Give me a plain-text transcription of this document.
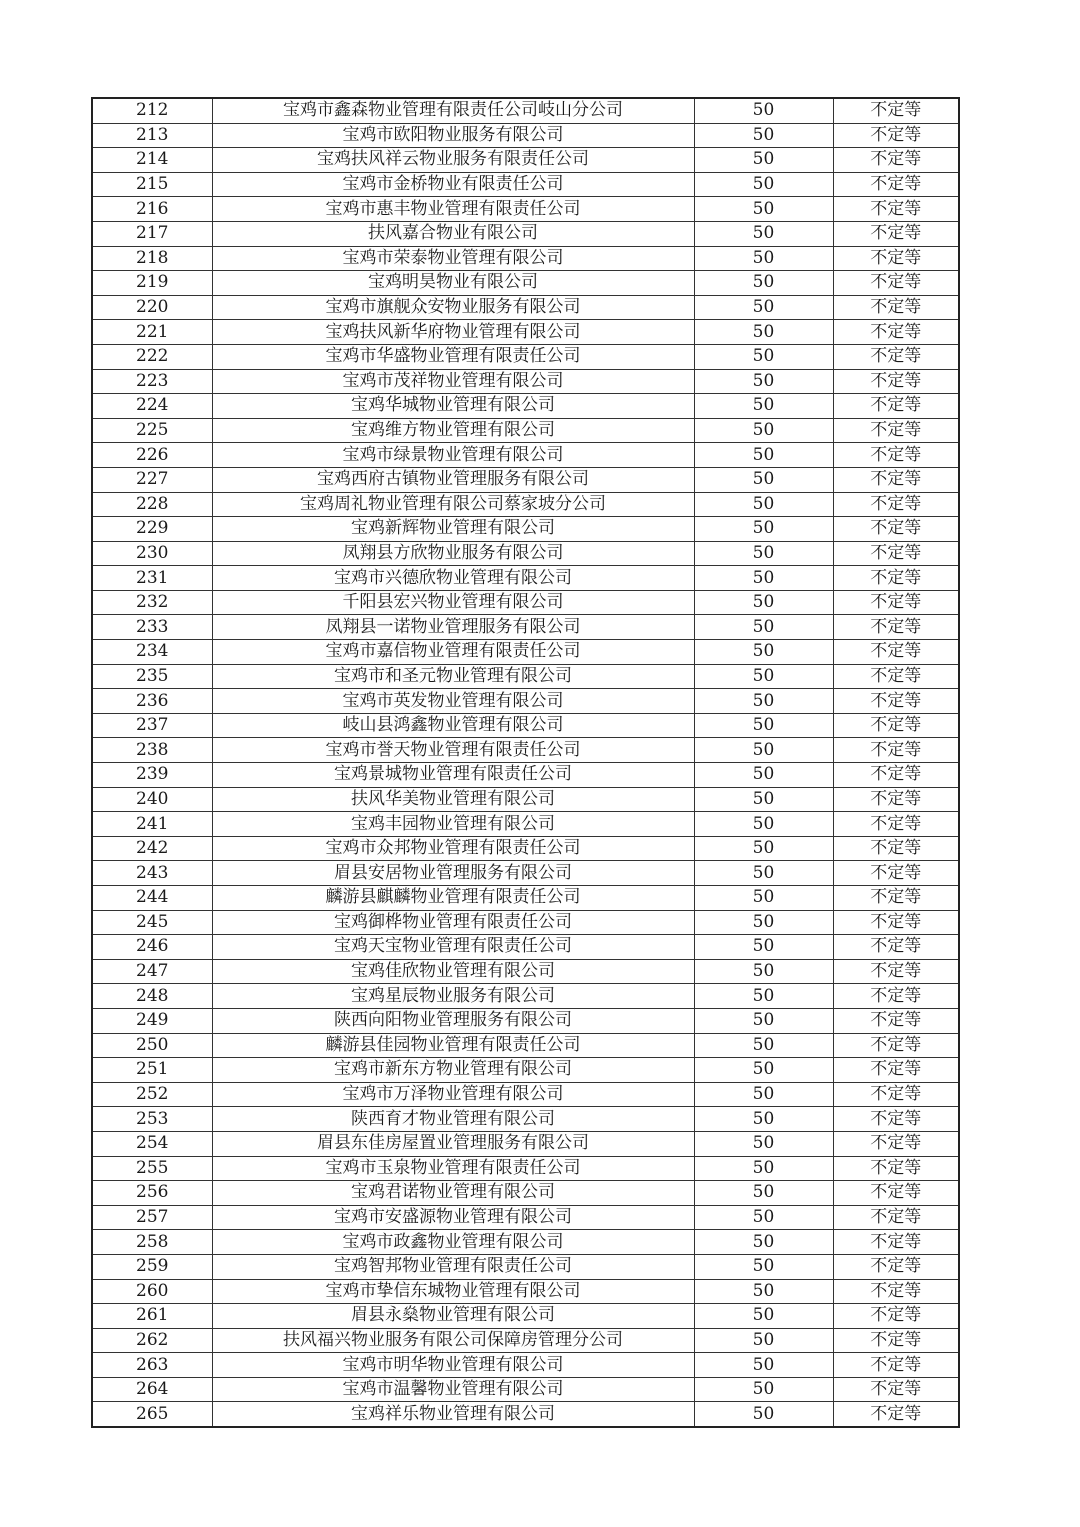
212	宝鸡市鑫森物业管理有限责任公司岐山分公司	50	不定等
213	宝鸡市欧阳物业服务有限公司	50	不定等
214	宝鸡扶风祥云物业服务有限责任公司	50	不定等
215	宝鸡市金桥物业有限责任公司	50	不定等
216	宝鸡市惠丰物业管理有限责任公司	50	不定等
217	扶风嘉合物业有限公司	50	不定等
218	宝鸡市荣泰物业管理有限公司	50	不定等
219	宝鸡明昊物业有限公司	50	不定等
220	宝鸡市旗舰众安物业服务有限公司	50	不定等
221	宝鸡扶风新华府物业管理有限公司	50	不定等
222	宝鸡市华盛物业管理有限责任公司	50	不定等
223	宝鸡市茂祥物业管理有限公司	50	不定等
224	宝鸡华城物业管理有限公司	50	不定等
225	宝鸡维方物业管理有限公司	50	不定等
226	宝鸡市绿景物业管理有限公司	50	不定等
227	宝鸡西府古镇物业管理服务有限公司	50	不定等
228	宝鸡周礼物业管理有限公司蔡家坡分公司	50	不定等
229	宝鸡新辉物业管理有限公司	50	不定等
230	凤翔县方欣物业服务有限公司	50	不定等
231	宝鸡市兴德欣物业管理有限公司	50	不定等
232	千阳县宏兴物业管理有限公司	50	不定等
233	凤翔县一诺物业管理服务有限公司	50	不定等
234	宝鸡市嘉信物业管理有限责任公司	50	不定等
235	宝鸡市和圣元物业管理有限公司	50	不定等
236	宝鸡市英发物业管理有限公司	50	不定等
237	岐山县鸿鑫物业管理有限公司	50	不定等
238	宝鸡市誉天物业管理有限责任公司	50	不定等
239	宝鸡景城物业管理有限责任公司	50	不定等
240	扶风华美物业管理有限公司	50	不定等
241	宝鸡丰园物业管理有限公司	50	不定等
242	宝鸡市众邦物业管理有限责任公司	50	不定等
243	眉县安居物业管理服务有限公司	50	不定等
244	麟游县麒麟物业管理有限责任公司	50	不定等
245	宝鸡御桦物业管理有限责任公司	50	不定等
246	宝鸡天宝物业管理有限责任公司	50	不定等
247	宝鸡佳欣物业管理有限公司	50	不定等
248	宝鸡星辰物业服务有限公司	50	不定等
249	陕西向阳物业管理服务有限公司	50	不定等
250	麟游县佳园物业管理有限责任公司	50	不定等
251	宝鸡市新东方物业管理有限公司	50	不定等
252	宝鸡市万泽物业管理有限公司	50	不定等
253	陕西育才物业管理有限公司	50	不定等
254	眉县东佳房屋置业管理服务有限公司	50	不定等
255	宝鸡市玉泉物业管理有限责任公司	50	不定等
256	宝鸡君诺物业管理有限公司	50	不定等
257	宝鸡市安盛源物业管理有限公司	50	不定等
258	宝鸡市政鑫物业管理有限公司	50	不定等
259	宝鸡智邦物业管理有限责任公司	50	不定等
260	宝鸡市挚信东城物业管理有限公司	50	不定等
261	眉县永燊物业管理有限公司	50	不定等
262	扶风福兴物业服务有限公司保障房管理分公司	50	不定等
263	宝鸡市明华物业管理有限公司	50	不定等
264	宝鸡市温馨物业管理有限公司	50	不定等
265	宝鸡祥乐物业管理有限公司	50	不定等
